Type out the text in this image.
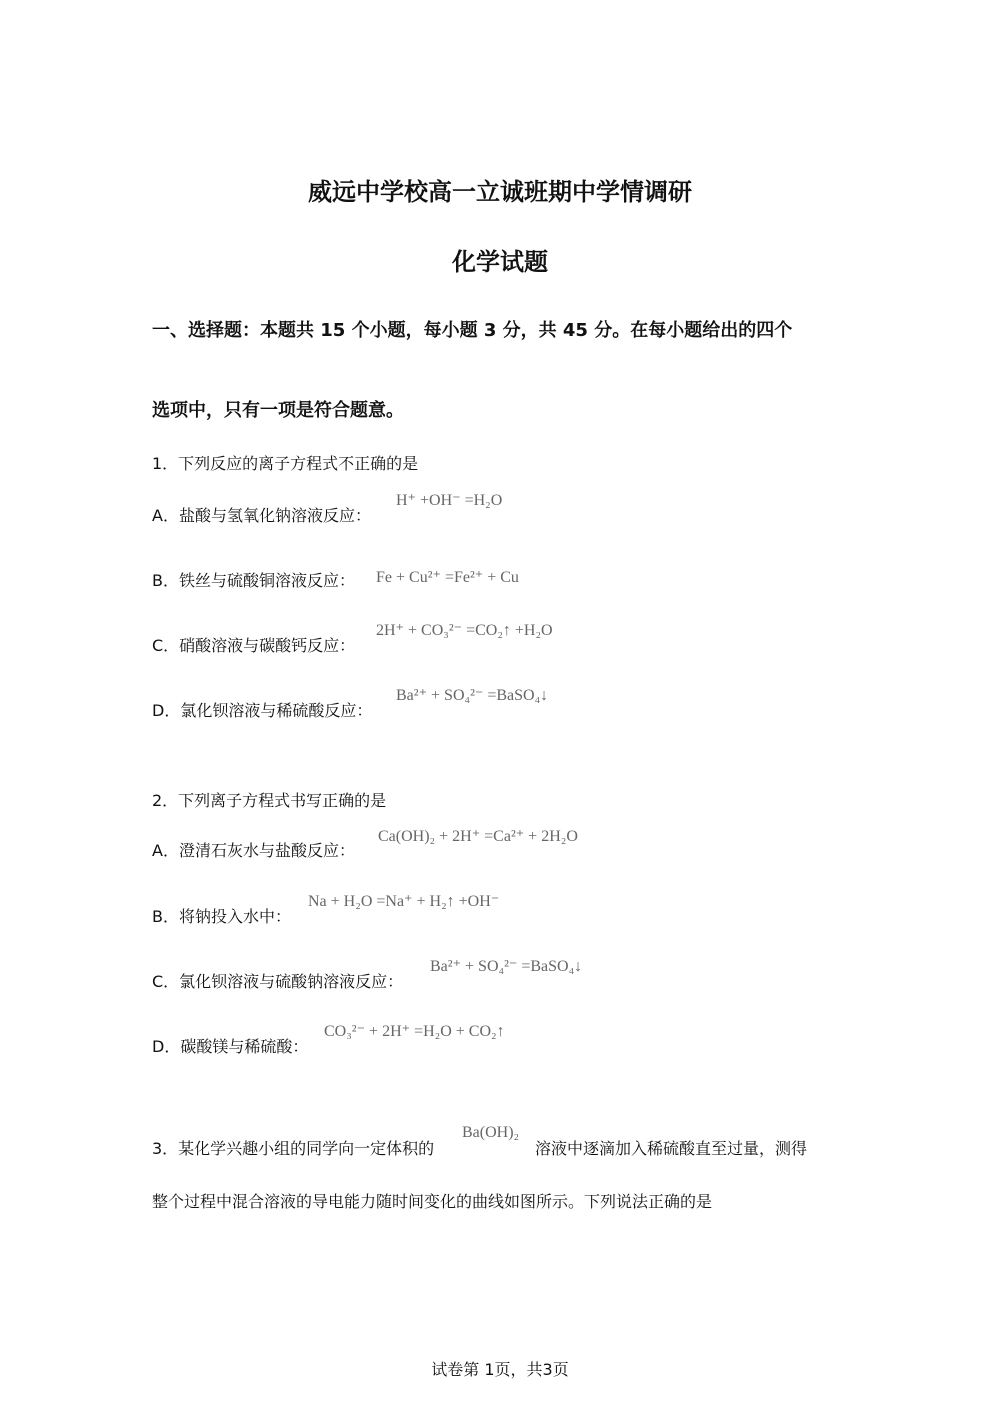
威远中学校高一立诚班期中学情调研
化学试题
一、选择题：本题共 15 个小题，每小题 3 分，共 45 分。在每小题给出的四个
选项中，只有一项是符合题意。
1．下列反应的离子方程式不正确的是
A．盐酸与氢氧化钠溶液反应：
H⁺ +OH⁻ =H₂O
B．铁丝与硫酸铜溶液反应： Fe + Cu²⁺ =Fe²⁺ + Cu
C．硝酸溶液与碳酸钙反应：
2H⁺ + CO₃²⁻ =CO₂↑ +H₂O
D．氯化钡溶液与稀硫酸反应：
Ba²⁺ + SO₄²⁻ =BaSO₄↓
2．下列离子方程式书写正确的是
A．澄清石灰水与盐酸反应：
Ca(OH)₂ + 2H⁺ =Ca²⁺ + 2H₂O
B．将钠投入水中：
Na + H₂O =Na⁺ + H₂↑ +OH⁻
C．氯化钡溶液与硫酸钠溶液反应：
Ba²⁺ + SO₄²⁻ =BaSO₄↓
D．碳酸镁与稀硫酸：
CO₃²⁻ + 2H⁺ =H₂O + CO₂↑
3．某化学兴趣小组的同学向一定体积的
Ba(OH)₂
溶液中逐滴加入稀硫酸直至过量，测得
整个过程中混合溶液的导电能力随时间变化的曲线如图所示。下列说法正确的是
试卷第 1页，共3页
